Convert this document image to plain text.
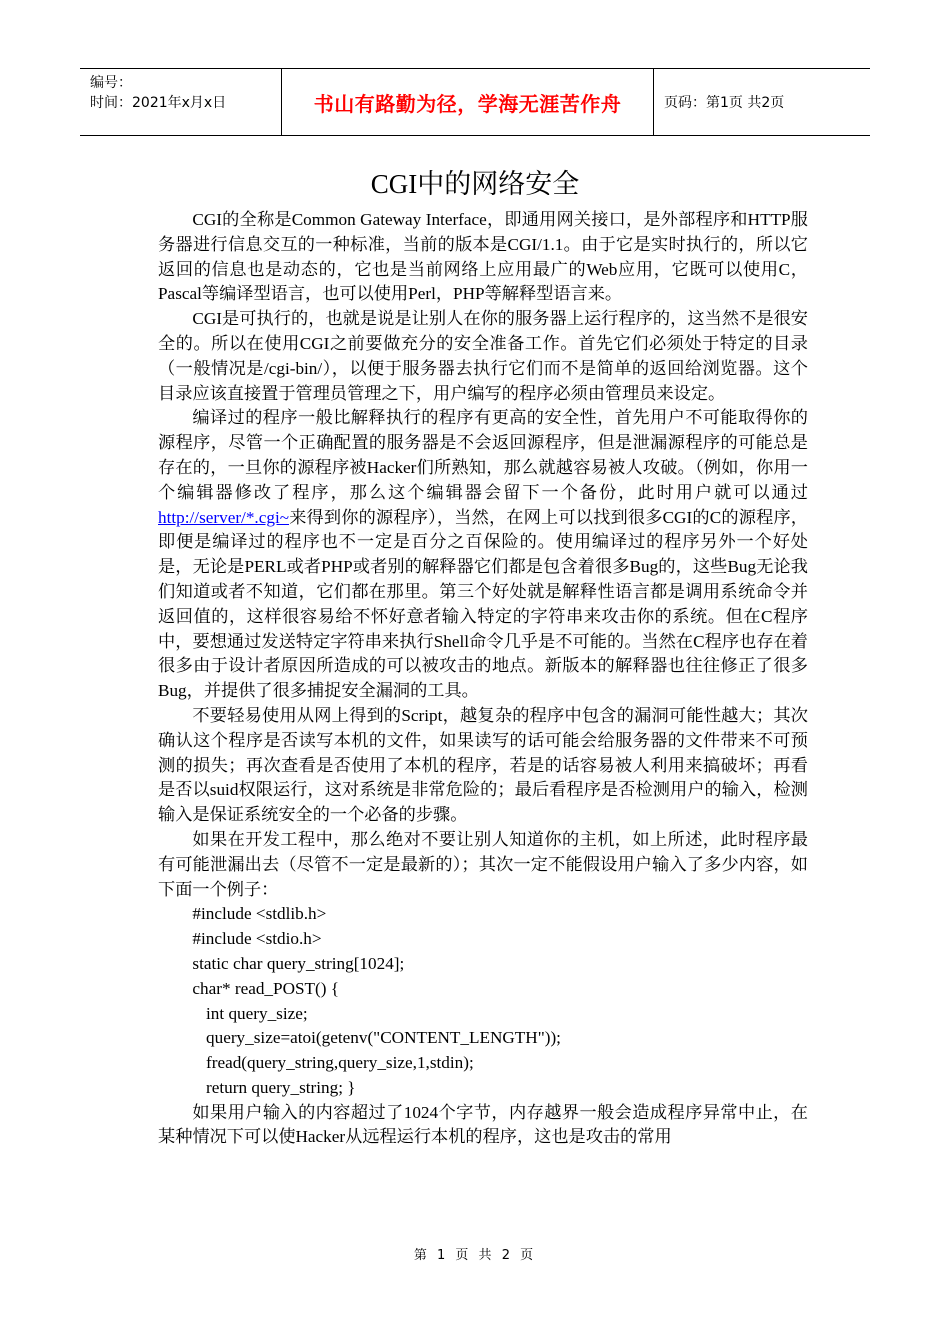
编号：
时间：2021年x月x日	书山有路勤为径，学海无涯苦作舟	页码：第1页 共2页
CGI中的网络安全

CGI的全称是Common Gateway Interface，即通用网关接口，是外部程序和HTTP服务器进行信息交互的一种标准，当前的版本是CGI/1.1。由于它是实时执行的，所以它返回的信息也是动态的，它也是当前网络上应用最广的Web应用，它既可以使用C，Pascal等编译型语言，也可以使用Perl，PHP等解释型语言来。

CGI是可执行的，也就是说是让别人在你的服务器上运行程序的，这当然不是很安全的。所以在使用CGI之前要做充分的安全准备工作。首先它们必须处于特定的目录（一般情况是/cgi-bin/），以便于服务器去执行它们而不是简单的返回给浏览器。这个目录应该直接置于管理员管理之下，用户编写的程序必须由管理员来设定。

编译过的程序一般比解释执行的程序有更高的安全性，首先用户不可能取得你的源程序，尽管一个正确配置的服务器是不会返回源程序，但是泄漏源程序的可能总是存在的，一旦你的源程序被Hacker们所熟知，那么就越容易被人攻破。（例如，你用一个编辑器修改了程序，那么这个编辑器会留下一个备份，此时用户就可以通过http://server/*.cgi~来得到你的源程序），当然，在网上可以找到很多CGI的C的源程序，即便是编译过的程序也不一定是百分之百保险的。使用编译过的程序另外一个好处是，无论是PERL或者PHP或者别的解释器它们都是包含着很多Bug的，这些Bug无论我们知道或者不知道，它们都在那里。第三个好处就是解释性语言都是调用系统命令并返回值的，这样很容易给不怀好意者输入特定的字符串来攻击你的系统。但在C程序中，要想通过发送特定字符串来执行Shell命令几乎是不可能的。当然在C程序也存在着很多由于设计者原因所造成的可以被攻击的地点。新版本的解释器也往往修正了很多Bug，并提供了很多捕捉安全漏洞的工具。

不要轻易使用从网上得到的Script，越复杂的程序中包含的漏洞可能性越大；其次确认这个程序是否读写本机的文件，如果读写的话可能会给服务器的文件带来不可预测的损失；再次查看是否使用了本机的程序，若是的话容易被人利用来搞破坏；再看是否以suid权限运行，这对系统是非常危险的；最后看程序是否检测用户的输入，检测输入是保证系统安全的一个必备的步骤。

如果在开发工程中，那么绝对不要让别人知道你的主机，如上所述，此时程序最有可能泄漏出去（尽管不一定是最新的）；其次一定不能假设用户输入了多少内容，如下面一个例子：

#include <stdlib.h>
#include <stdio.h>
static char query_string[1024];
char* read_POST() {
int query_size;
query_size=atoi(getenv("CONTENT_LENGTH"));
fread(query_string,query_size,1,stdin);
return query_string; }

如果用户输入的内容超过了1024个字节，内存越界一般会造成程序异常中止，在某种情况下可以使Hacker从远程运行本机的程序，这也是攻击的常用

第 1 页 共 2 页
